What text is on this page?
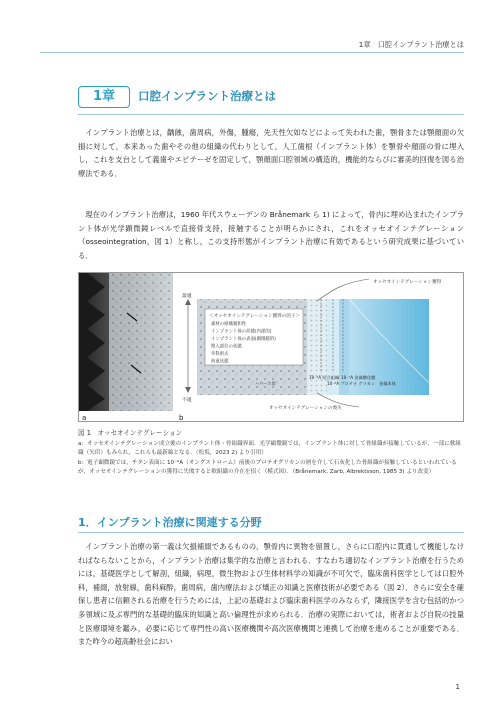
1章　口腔インプラント治療とは
1章	口腔インプラント治療とは

　インプラント治療とは，齲蝕，歯周病，外傷，腫瘍，先天性欠如などによって失われた歯，顎骨または顎顔面の欠損に対して，本来あった歯やその他の組織の代わりとして，人工歯根（インプラント体）を顎骨や顔面の骨に埋入し，これを支台として義歯やエピテーゼを固定して，顎顔面口腔領域の構造的，機能的ならびに審美的回復を図る治療法である．

　現在のインプラント治療は，1960 年代スウェーデンの Brånemark ら 1) によって，骨内に埋め込まれたインプラント体が光学顕微鏡レベルで直接骨支持，接触することが明らかにされ，これをオッセオインテグレーション（osseointegration，図 1）と称し，この支持形態がインプラント治療に有効であるという研究成果に基づいている．

a
オッセオインテグレーション獲得
最適
不適
＜オッセオインテグレーション獲得の因子＞
素材の組織親和性
インプラント体の形態(内部的)
インプラント体の表面(顕微鏡的)
埋入部位の状態
外科術式
荷重状態
ハバース骨
10⁻⁹A 結合組織
10⁻⁸A プロテオ グリカン
10⁻⁷A 金属酸化膜
金属本体
オッセオインテグレーションの喪失
b
図 1　オッセオインテグレーション
a：オッセオインテグレーション成立後のインプラント体・骨組織界面．光学顕微鏡では，インプラント体に対して骨組織が接触しているが，一部に軟組織（矢印）もみられ，これらも最新綿となる．（松坂，2023 2) より引用）
b：電子顕微鏡では，チタン表面に 10⁻⁹A（オングストローム）前後のプロテオグリカンの層を介して石灰化した骨組織が接触しているといわれているが，オッセオインテグレーションの獲得に失敗すると軟組織の介在を招く（模式図）．（Brånemark, Zarb, Albrektsson, 1985 3) より改変）
1．インプラント治療に関連する分野

　インプラント治療の第一義は欠損補綴であるものの，顎骨内に異物を留置し，さらに口腔内に貫通して機能しなければならないことから，インプラント治療は集学的な治療と言われる．すなわち適切なインプラント治療を行うためには，基礎医学として解剖，組織，病理，微生物および生体材料学の知識が不可欠で，臨床歯科医学としては口腔外科，補綴，放射線，歯科麻酔，歯周病，歯内療法および矯正の知識と医療技術が必要である（図 2）．さらに安全を確保し患者に信頼される治療を行うためには，上記の基礎および臨床歯科医学のみならず，隣接医学を含む包括的かつ多領域に及ぶ専門的な基礎的臨床的知識と高い倫理性が求められる．治療の実際においては，術者および自院の技量と医療環境を鑑み，必要に応じて専門性の高い医療機関や高次医療機関と連携して治療を進めることが重要である．また昨今の超高齢社会におい

1
